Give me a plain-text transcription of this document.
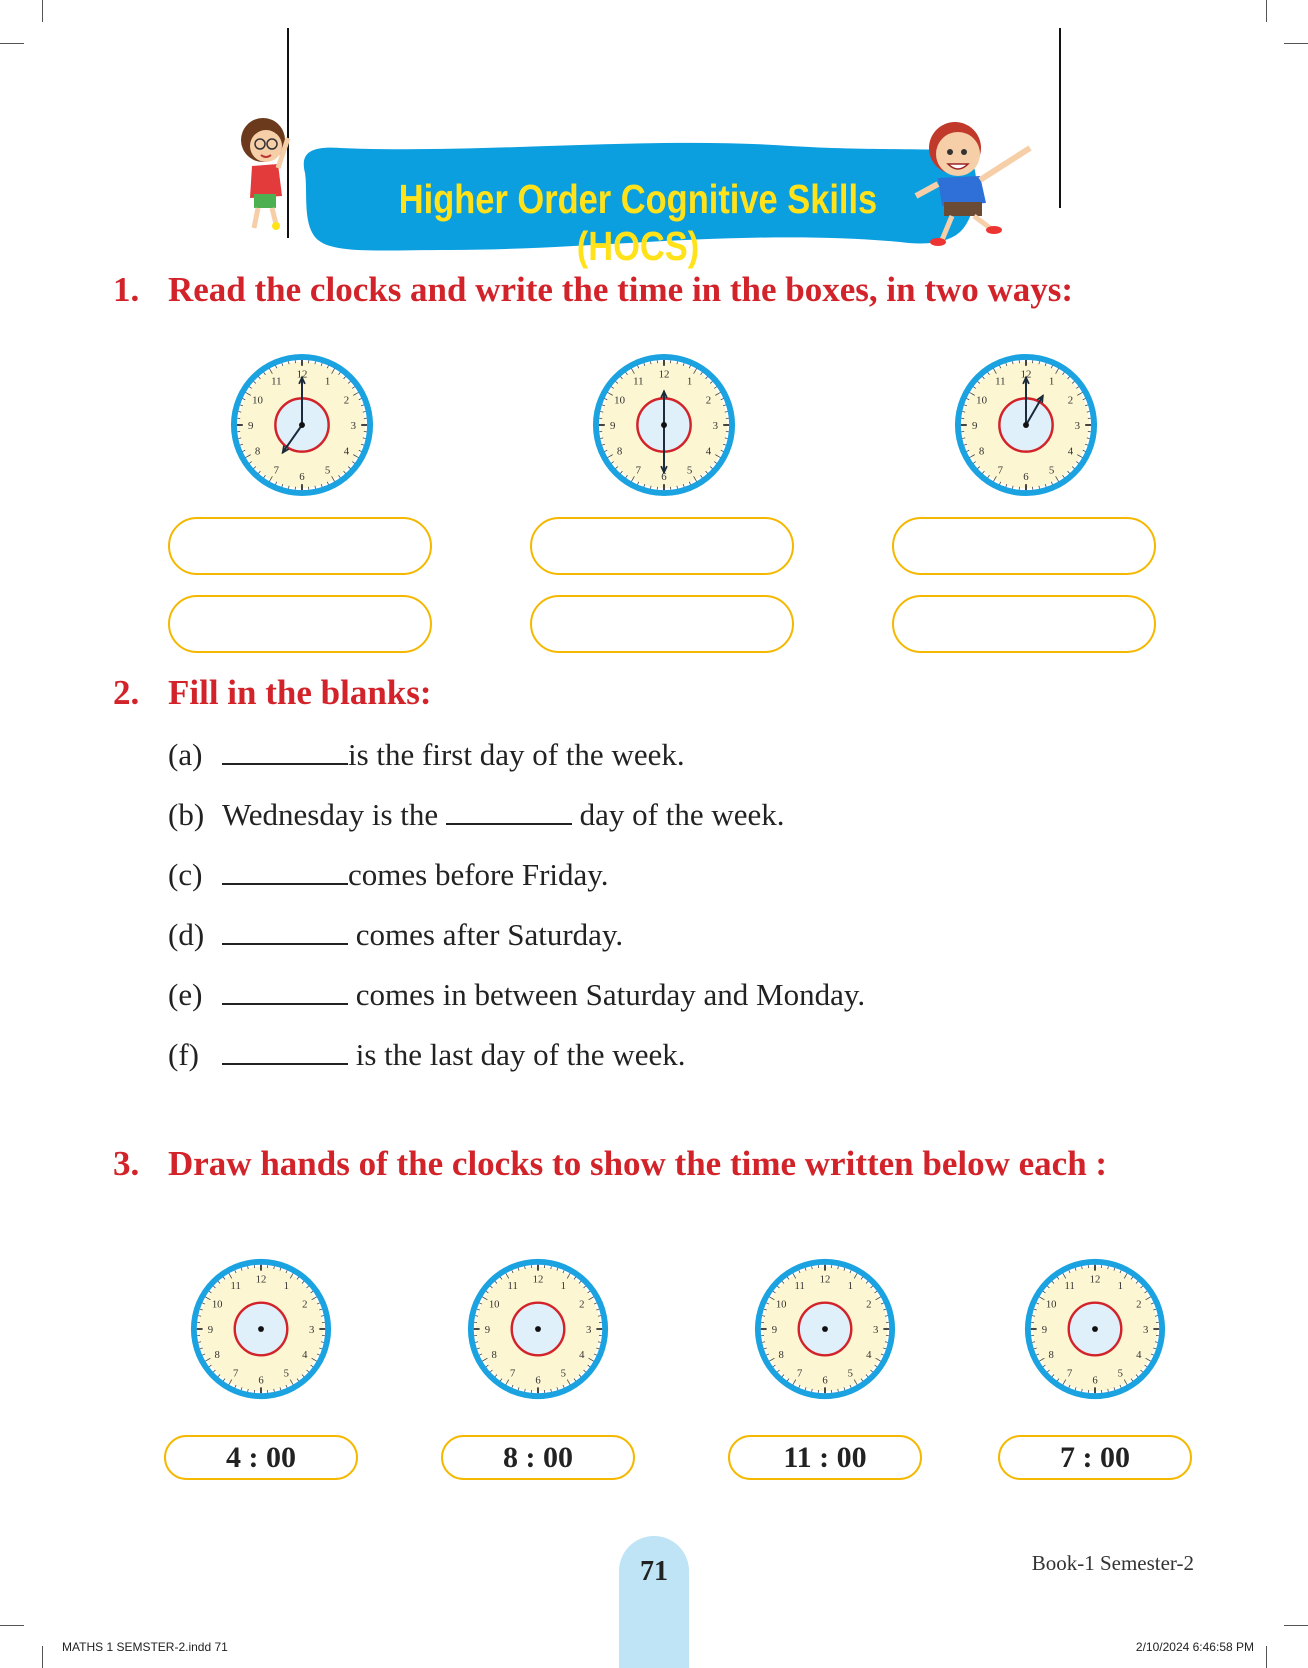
Higher Order Cognitive Skills (HOCS)
1. Read the clocks and write the time in the boxes, in two ways:
12
1
2
3
4
5
6
7
8
9
10
11
12
1
2
3
4
5
6
7
8
9
10
11
12
1
2
3
4
5
6
7
8
9
10
11
2. Fill in the blanks:
(a)	is the first day of the week.
(b) Wednesday is the	day of the week.
(c)	comes before Friday.
(d)	comes after Saturday.
(e)	comes in between Saturday and Monday.
(f)	is the last day of the week.
3. Draw hands of the clocks to show the time written below each :
12
1
2
3
4
5
6
7
8
9
10
11
12
1
2
3
4
5
6
7
8
9
10
11
12
1
2
3
4
5
6
7
8
9
10
11
12
1
2
3
4
5
6
7
8
9
10
11
4 : 00	8 : 00	11 : 00	7 : 00
71	Book-1 Semester-2
MATHS 1 SEMSTER-2.indd 71	2/10/2024 6:46:58 PM
